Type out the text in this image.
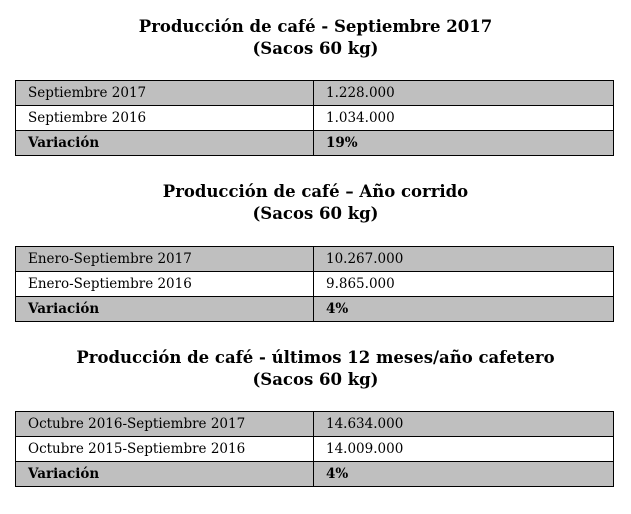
Producción de café - Septiembre 2017
(Sacos 60 kg)
Septiembre 2017	1.228.000
Septiembre 2016	1.034.000
Variación	19%
Producción de café – Año corrido
(Sacos 60 kg)
Enero-Septiembre 2017	10.267.000
Enero-Septiembre 2016	9.865.000
Variación	4%
Producción de café - últimos 12 meses/año cafetero
(Sacos 60 kg)
Octubre 2016-Septiembre 2017	14.634.000
Octubre 2015-Septiembre 2016	14.009.000
Variación	4%
